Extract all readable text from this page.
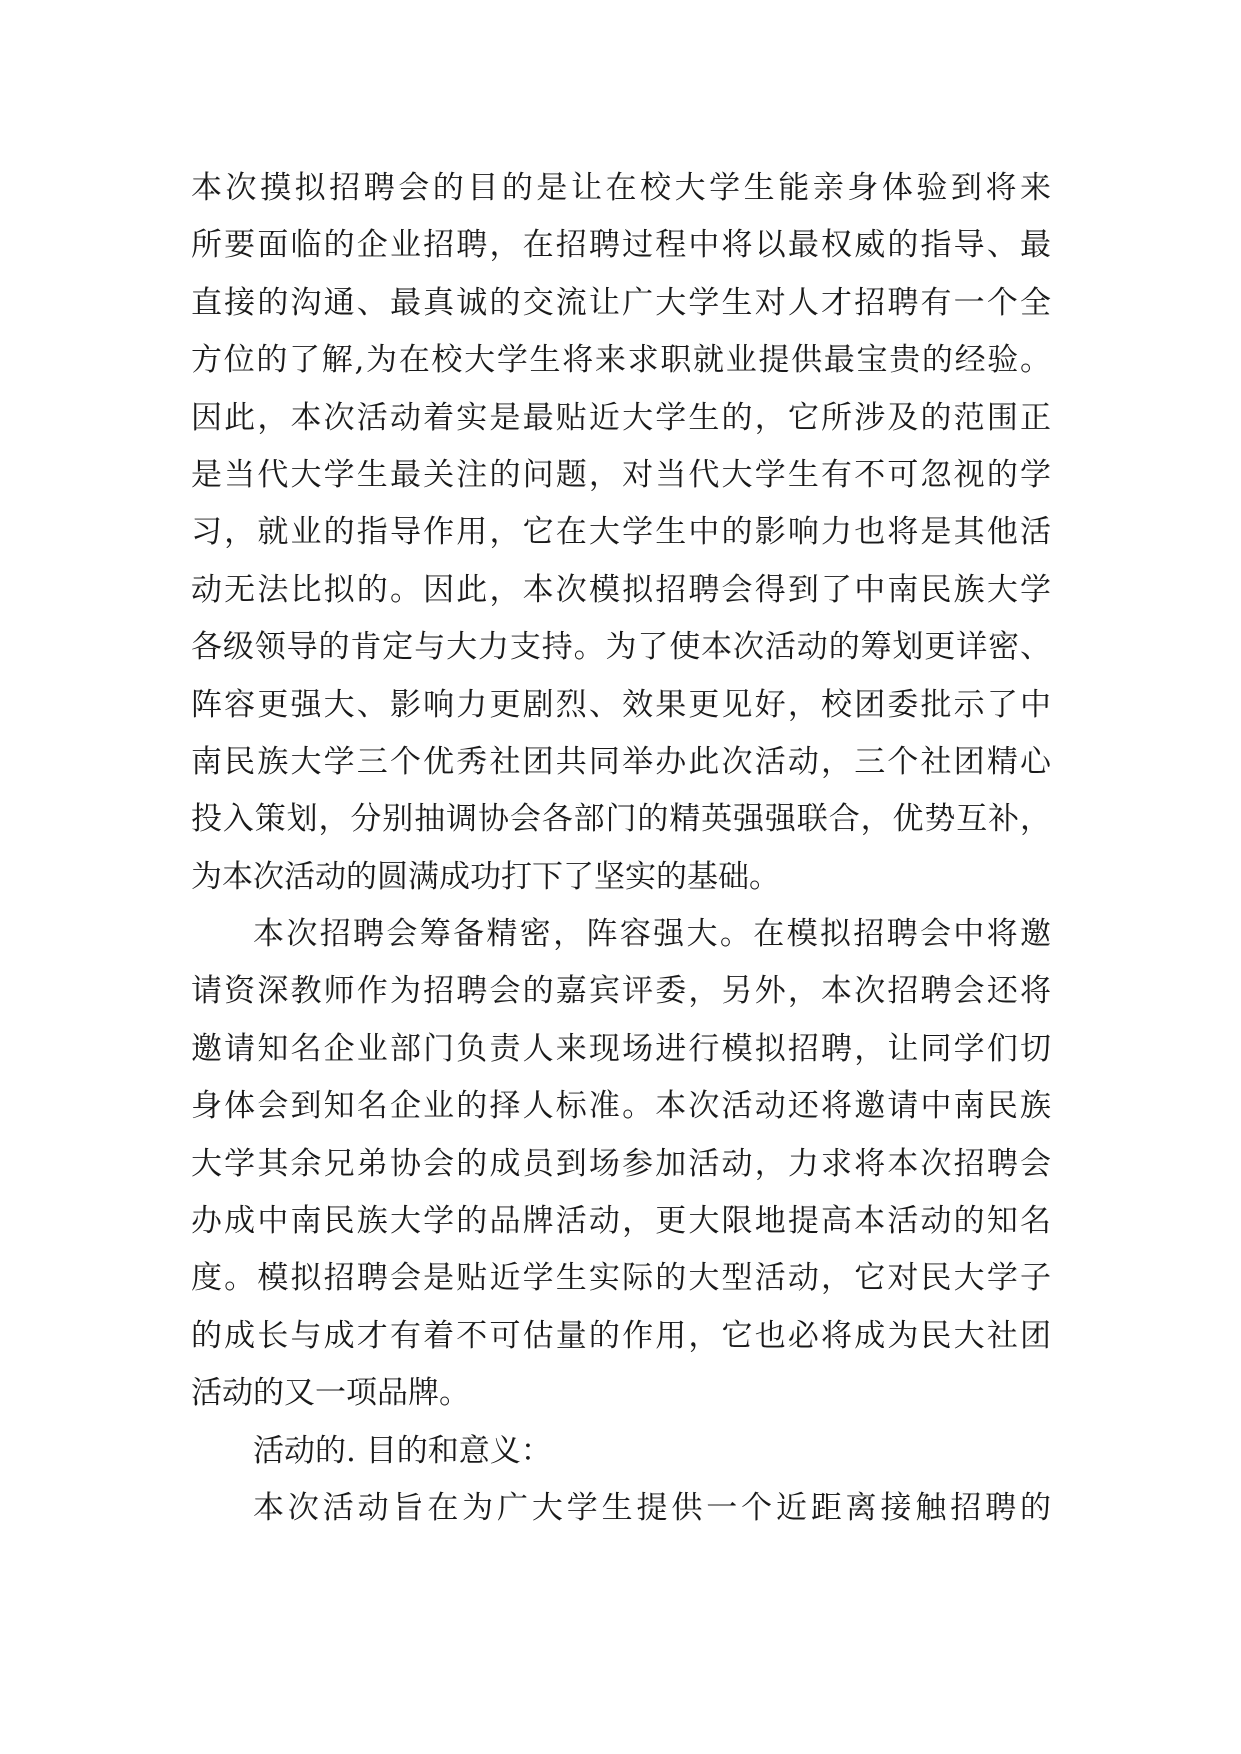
本次摸拟招聘会的目的是让在校大学生能亲身体验到将来
所要面临的企业招聘，在招聘过程中将以最权威的指导、最
直接的沟通、最真诚的交流让广大学生对人才招聘有一个全
方位的了解,为在校大学生将来求职就业提供最宝贵的经验。
因此，本次活动着实是最贴近大学生的，它所涉及的范围正
是当代大学生最关注的问题，对当代大学生有不可忽视的学
习，就业的指导作用，它在大学生中的影响力也将是其他活
动无法比拟的。因此，本次模拟招聘会得到了中南民族大学
各级领导的肯定与大力支持。为了使本次活动的筹划更详密、
阵容更强大、影响力更剧烈、效果更见好，校团委批示了中
南民族大学三个优秀社团共同举办此次活动，三个社团精心
投入策划，分别抽调协会各部门的精英强强联合，优势互补，
为本次活动的圆满成功打下了坚实的基础。
本次招聘会筹备精密，阵容强大。在模拟招聘会中将邀
请资深教师作为招聘会的嘉宾评委，另外，本次招聘会还将
邀请知名企业部门负责人来现场进行模拟招聘，让同学们切
身体会到知名企业的择人标准。本次活动还将邀请中南民族
大学其余兄弟协会的成员到场参加活动，力求将本次招聘会
办成中南民族大学的品牌活动，更大限地提高本活动的知名
度。模拟招聘会是贴近学生实际的大型活动，它对民大学子
的成长与成才有着不可估量的作用，它也必将成为民大社团
活动的又一项品牌。
活动的. 目的和意义：
本次活动旨在为广大学生提供一个近距离接触招聘的
